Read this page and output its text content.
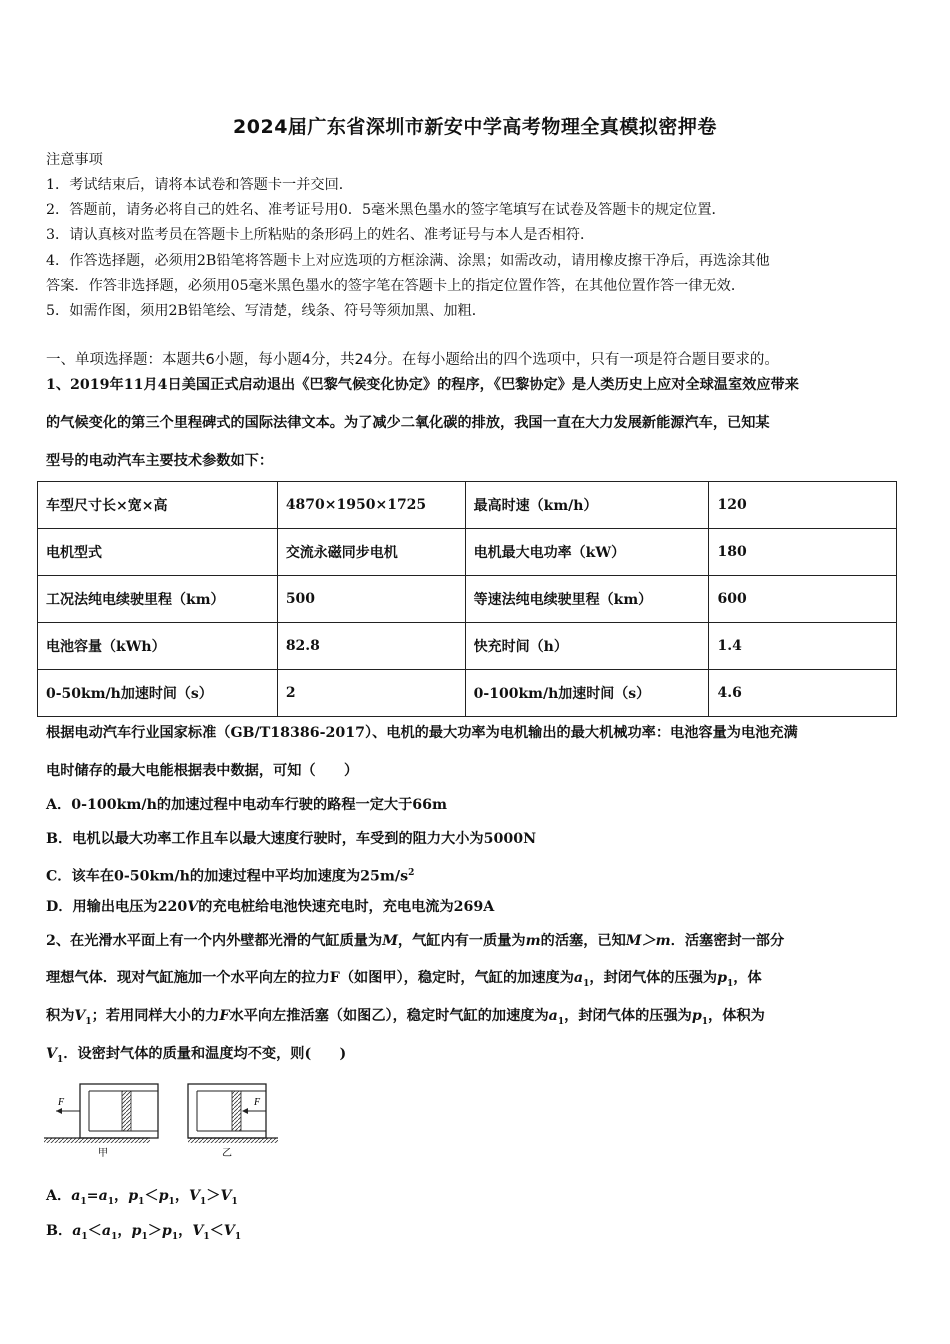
2024届广东省深圳市新安中学高考物理全真模拟密押卷
注意事项
1．考试结束后，请将本试卷和答题卡一并交回．
2．答题前，请务必将自己的姓名、准考证号用0．5毫米黑色墨水的签字笔填写在试卷及答题卡的规定位置．
3．请认真核对监考员在答题卡上所粘贴的条形码上的姓名、准考证号与本人是否相符．
4．作答选择题，必须用2B铅笔将答题卡上对应选项的方框涂满、涂黑；如需改动，请用橡皮擦干净后，再选涂其他
答案．作答非选择题，必须用05毫米黑色墨水的签字笔在答题卡上的指定位置作答，在其他位置作答一律无效．
5．如需作图，须用2B铅笔绘、写清楚，线条、符号等须加黑、加粗．
一、单项选择题：本题共6小题，每小题4分，共24分。在每小题给出的四个选项中，只有一项是符合题目要求的。
1、2019年11月4日美国正式启动退出《巴黎气候变化协定》的程序，《巴黎协定》是人类历史上应对全球温室效应带来
的气候变化的第三个里程碑式的国际法律文本。为了减少二氧化碳的排放，我国一直在大力发展新能源汽车，已知某
型号的电动汽车主要技术参数如下：
车型尺寸长×宽×高	4870×1950×1725	最高时速（km/h）	120
电机型式	交流永磁同步电机	电机最大电功率（kW）	180
工况法纯电续驶里程（km）	500	等速法纯电续驶里程（km）	600
电池容量（kWh）	82.8	快充时间（h）	1.4
0-50km/h加速时间（s）	2	0-100km/h加速时间（s）	4.6
根据电动汽车行业国家标准（GB/T18386-2017）、电机的最大功率为电机输出的最大机械功率：电池容量为电池充满
电时储存的最大电能根据表中数据，可知（　　）
A．0-100km/h的加速过程中电动车行驶的路程一定大于66m
B．电机以最大功率工作且车以最大速度行驶时，车受到的阻力大小为5000N
C．该车在0-50km/h的加速过程中平均加速度为$25m/s^2$
D．用输出电压为220V的充电桩给电池快速充电时，充电电流为269A
2、在光滑水平面上有一个内外壁都光滑的气缸质量为M，气缸内有一质量为m的活塞，已知M＞m．活塞密封一部分
理想气体．现对气缸施加一个水平向左的拉力F（如图甲），稳定时，气缸的加速度为$a_1$，封闭气体的压强为$p_1$，体
积为$V_1$；若用同样大小的力F水平向左推活塞（如图乙），稳定时气缸的加速度为$a_1$，封闭气体的压强为$p_1$，体积为
$V_1$．设密封气体的质量和温度均不变，则(　　)
F
甲
F
乙
A．$a_1=a_1$，$p_1<p_1$，$V_1>V_1$
B．$a_1<a_1$，$p_1>p_1$，$V_1<V_1$
